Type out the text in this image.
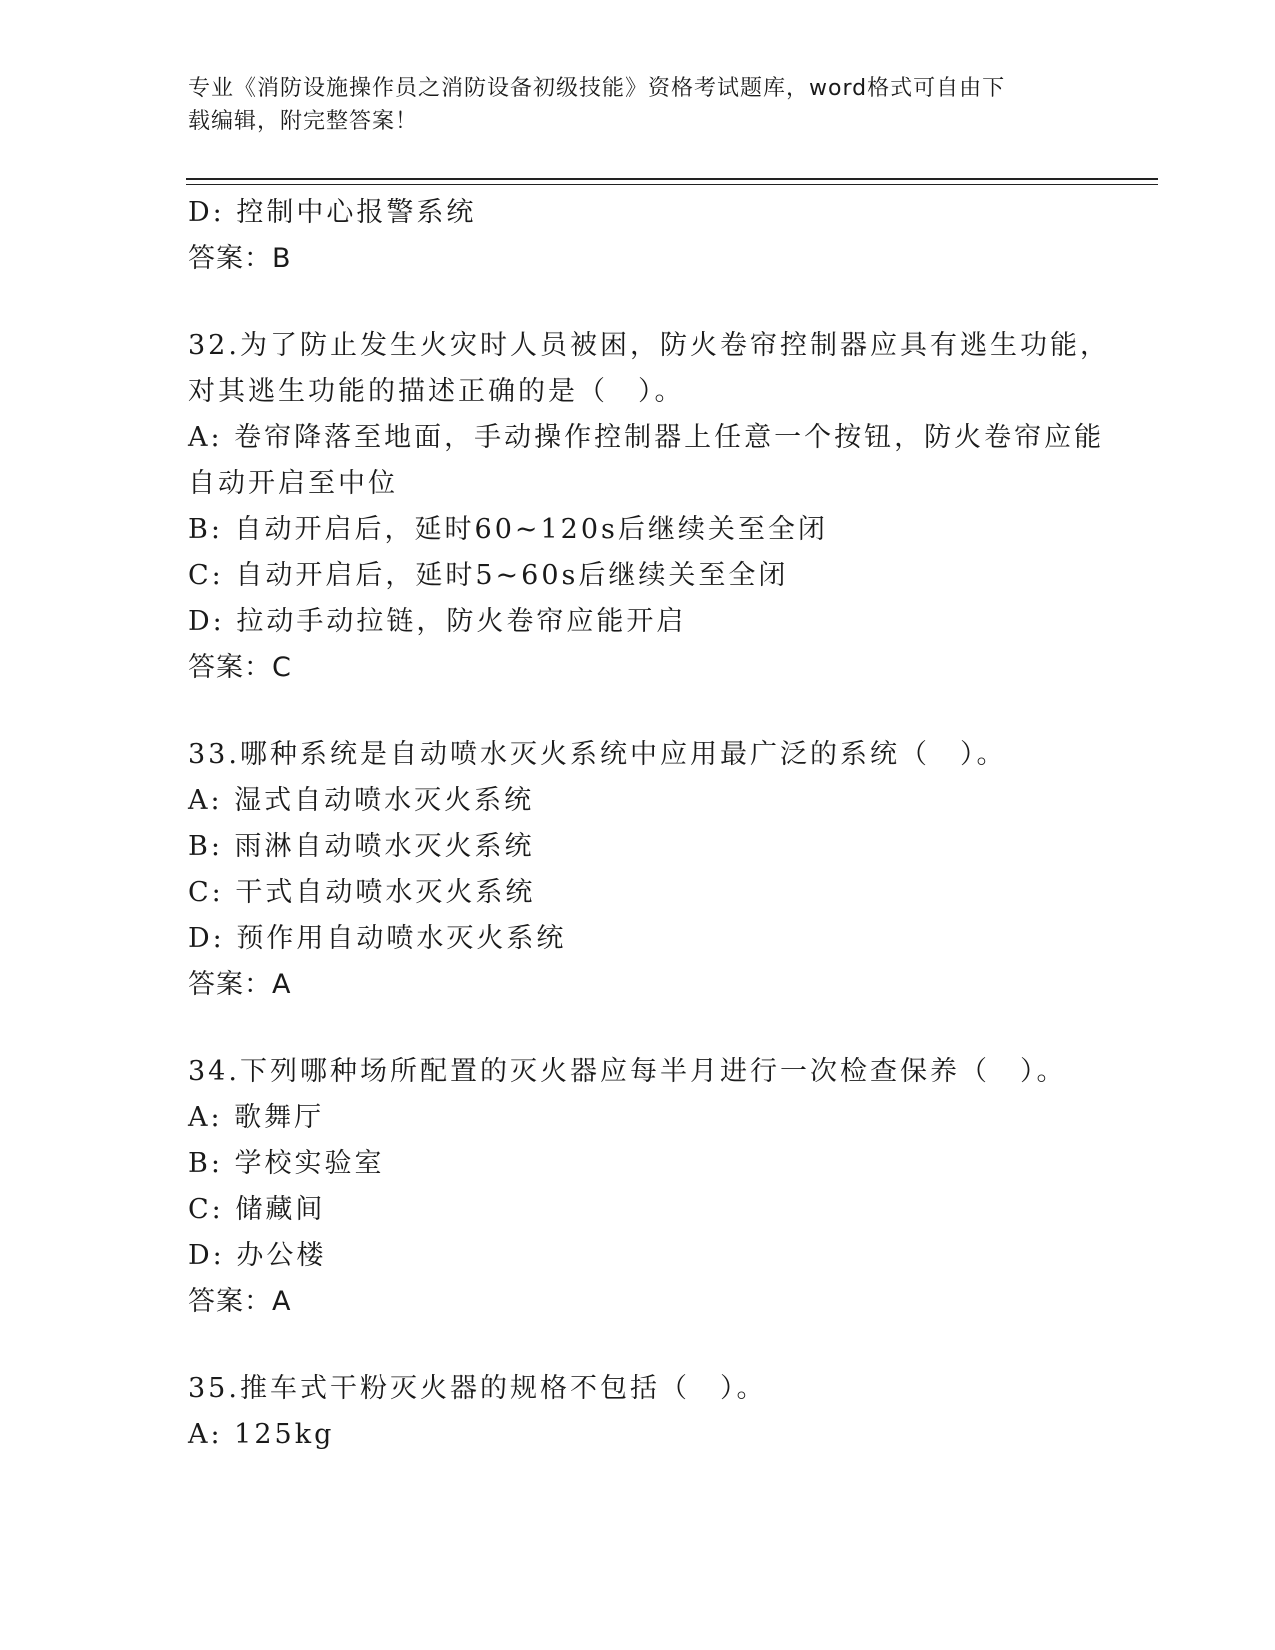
专业《消防设施操作员之消防设备初级技能》资格考试题库，word格式可自由下
载编辑，附完整答案！
D: 控制中心报警系统
答案：B
32.为了防止发生火灾时人员被困，防火卷帘控制器应具有逃生功能，
对其逃生功能的描述正确的是（　）。
A: 卷帘降落至地面，手动操作控制器上任意一个按钮，防火卷帘应能
自动开启至中位
B: 自动开启后，延时60~120s后继续关至全闭
C: 自动开启后，延时5~60s后继续关至全闭
D: 拉动手动拉链，防火卷帘应能开启
答案：C
33.哪种系统是自动喷水灭火系统中应用最广泛的系统（　）。
A: 湿式自动喷水灭火系统
B: 雨淋自动喷水灭火系统
C: 干式自动喷水灭火系统
D: 预作用自动喷水灭火系统
答案：A
34.下列哪种场所配置的灭火器应每半月进行一次检查保养（　）。
A: 歌舞厅
B: 学校实验室
C: 储藏间
D: 办公楼
答案：A
35.推车式干粉灭火器的规格不包括（　）。
A: 125kg
